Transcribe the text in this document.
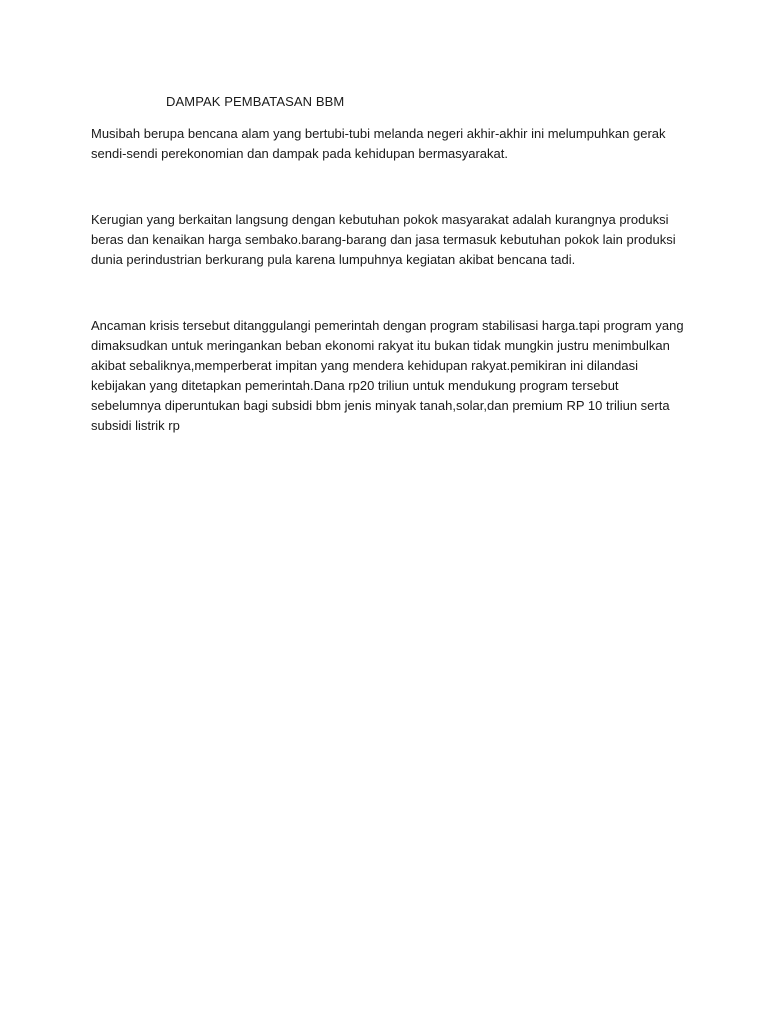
DAMPAK PEMBATASAN BBM

Musibah berupa bencana alam yang bertubi-tubi melanda negeri akhir-akhir ini melumpuhkan gerak
sendi-sendi perekonomian dan dampak pada kehidupan bermasyarakat.

Kerugian yang berkaitan langsung dengan kebutuhan pokok masyarakat adalah kurangnya produksi
beras dan kenaikan harga sembako.barang-barang dan jasa termasuk kebutuhan pokok lain produksi
dunia perindustrian berkurang pula karena lumpuhnya kegiatan akibat bencana tadi.

Ancaman krisis tersebut ditanggulangi pemerintah dengan program stabilisasi harga.tapi program yang
dimaksudkan untuk meringankan beban ekonomi rakyat itu bukan tidak mungkin justru menimbulkan
akibat sebaliknya,memperberat impitan yang mendera kehidupan rakyat.pemikiran ini dilandasi
kebijakan yang ditetapkan pemerintah.Dana rp20 triliun untuk mendukung program tersebut
sebelumnya diperuntukan bagi subsidi bbm jenis minyak tanah,solar,dan premium RP 10 triliun serta
subsidi listrik rp
